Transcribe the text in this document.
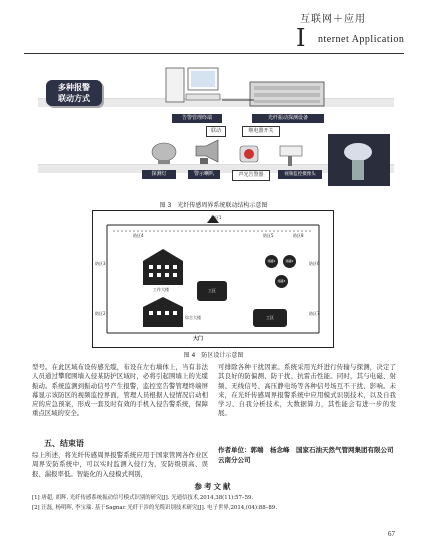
互联网＋应用
I nternet Application
多种报警
联动方式
告警管理终端	光纤振动探测设备
联动	继电器开关
探测灯	警示喇叭	声光告警器	视频监控摄像头
图 3　光纤传感周界系统联动结构示意图
防区1
防区4	防区5
防区3	防区6
防区2	防区7
防区8
工作大楼
综合大楼
工区
工区
储罐1	储罐2
储罐3
大门
图 4　防区设计示意图
型号。在此区域布设传感光缆，布设在左右墙体上，当有非法人员通过攀爬围墙入侵某防护区域时，必将引起围墙上的光缆振动。系统监测到振动信号产生报警，监控室告警管理终端屏幕显示该防区的视频监控界面，管理人员根据人侵情况启动相应的应急预案，形成一套及时有效的手机入侵告警系统，保障重点区域的安全。
五、结束语
综上所述，将光纤传感周界报警系统应用于国家管网各作业区周界安防系统中，可以实时监测入侵行为，安防级别高、误报、漏报率低。智能化的入侵模式判别，
可排除各种干扰因素。系统采用光纤进行传输与探测，决定了其良好的防偏测、防干扰、抗雷击性能。同时，其与电磁、射频、无线信号、高压静电场等各种信号场互不干扰、影响。未来，在光纤传感周界报警系统中应用模式识别技术，以及自我学习、自我分析技术，大数据算力，其性能会有进一步的发展。
作者单位：郭端　杨念峰　国家石油天然气管网集团有限公司云南分公司
参考文献
[1] 唐超, 胡辉. 光纤传感系统振动信号模式识别的研究[J]. 光通信技术,2014,38(11):57–59.
[2] 汪磊, 杨明晖, 李宝瑞. 基于Sagnac 光纤干涉的光缆识别技术研究[J]. 电子世界,2014,(04):88–89.
67
